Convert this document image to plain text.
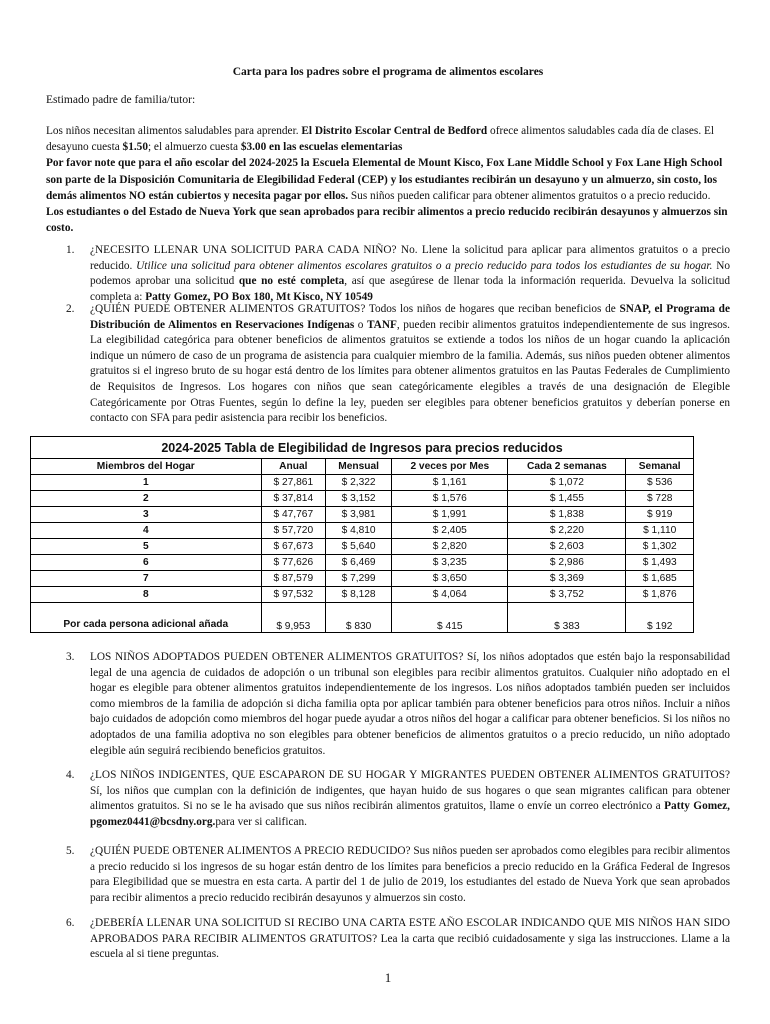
Carta para los padres sobre el programa de alimentos escolares
Estimado padre de familia/tutor:
Los niños necesitan alimentos saludables para aprender. El Distrito Escolar Central de Bedford ofrece alimentos saludables cada día de clases. El desayuno cuesta $1.50; el almuerzo cuesta $3.00 en las escuelas elementarias
Por favor note que para el año escolar del 2024-2025 la Escuela Elemental de Mount Kisco, Fox Lane Middle School y Fox Lane High School son parte de la Disposición Comunitaria de Elegibilidad Federal (CEP) y los estudiantes recibirán un desayuno y un almuerzo, sin costo, los demás alimentos NO están cubiertos y necesita pagar por ellos. Sus niños pueden calificar para obtener alimentos gratuitos o a precio reducido. Los estudiantes o del Estado de Nueva York que sean aprobados para recibir alimentos a precio reducido recibirán desayunos y almuerzos sin costo.
1. ¿NECESITO LLENAR UNA SOLICITUD PARA CADA NIÑO? No. Llene la solicitud para aplicar para alimentos gratuitos o a precio reducido. Utilice una solicitud para obtener alimentos escolares gratuitos o a precio reducido para todos los estudiantes de su hogar. No podemos aprobar una solicitud que no esté completa, así que asegúrese de llenar toda la información requerida. Devuelva la solicitud completa a: Patty Gomez, PO Box 180, Mt Kisco, NY 10549
2. ¿QUIÉN PUEDE OBTENER ALIMENTOS GRATUITOS? Todos los niños de hogares que reciban beneficios de SNAP, el Programa de Distribución de Alimentos en Reservaciones Indígenas o TANF, pueden recibir alimentos gratuitos independientemente de sus ingresos. La elegibilidad categórica para obtener beneficios de alimentos gratuitos se extiende a todos los niños de un hogar cuando la aplicación indique un número de caso de un programa de asistencia para cualquier miembro de la familia. Además, sus niños pueden obtener alimentos gratuitos si el ingreso bruto de su hogar está dentro de los límites para obtener alimentos gratuitos en las Pautas Federales de Cumplimiento de Requisitos de Ingresos. Los hogares con niños que sean categóricamente elegibles a través de una designación de Elegible Categóricamente por Otras Fuentes, según lo define la ley, pueden ser elegibles para obtener beneficios gratuitos y deberían ponerse en contacto con SFA para pedir asistencia para recibir los beneficios.
3. LOS NIÑOS ADOPTADOS PUEDEN OBTENER ALIMENTOS GRATUITOS? Sí, los niños adoptados que estén bajo la responsabilidad legal de una agencia de cuidados de adopción o un tribunal son elegibles para recibir alimentos gratuitos. Cualquier niño adoptado en el hogar es elegible para obtener alimentos gratuitos independientemente de los ingresos. Los niños adoptados también pueden ser incluidos como miembros de la familia de adopción si dicha familia opta por aplicar también para obtener beneficios para otros niños. Incluir a niños bajo cuidados de adopción como miembros del hogar puede ayudar a otros niños del hogar a calificar para obtener beneficios. Si los niños no adoptados de una familia adoptiva no son elegibles para obtener beneficios de alimentos gratuitos o a precio reducido, un niño adoptado elegible aún seguirá recibiendo beneficios gratuitos.
4. ¿LOS NIÑOS INDIGENTES, QUE ESCAPARON DE SU HOGAR Y MIGRANTES PUEDEN OBTENER ALIMENTOS GRATUITOS? Sí, los niños que cumplan con la definición de indigentes, que hayan huido de sus hogares o que sean migrantes califican para obtener alimentos gratuitos. Si no se le ha avisado que sus niños recibirán alimentos gratuitos, llame o envíe un correo electrónico a Patty Gomez, pgomez0441@bcsdny.org.para ver si califican.
5. ¿QUIÉN PUEDE OBTENER ALIMENTOS A PRECIO REDUCIDO? Sus niños pueden ser aprobados como elegibles para recibir alimentos a precio reducido si los ingresos de su hogar están dentro de los límites para beneficios a precio reducido en la Gráfica Federal de Ingresos para Elegibilidad que se muestra en esta carta. A partir del 1 de julio de 2019, los estudiantes del estado de Nueva York que sean aprobados para recibir alimentos a precio reducido recibirán desayunos y almuerzos sin costo.
6. ¿DEBERÍA LLENAR UNA SOLICITUD SI RECIBO UNA CARTA ESTE AÑO ESCOLAR INDICANDO QUE MIS NIÑOS HAN SIDO APROBADOS PARA RECIBIR ALIMENTOS GRATUITOS? Lea la carta que recibió cuidadosamente y siga las instrucciones. Llame a la escuela al si tiene preguntas.
1
2024-2025 Tabla de Elegibilidad de Ingresos para precios reducidos					
Miembros del Hogar	Anual	Mensual	2 veces por Mes	Cada 2 semanas	Semanal
1	$ 27,861	$ 2,322	$ 1,161	$ 1,072	$ 536
2	$ 37,814	$ 3,152	$ 1,576	$ 1,455	$ 728
3	$ 47,767	$ 3,981	$ 1,991	$ 1,838	$ 919
4	$ 57,720	$ 4,810	$ 2,405	$ 2,220	$ 1,110
5	$ 67,673	$ 5,640	$ 2,820	$ 2,603	$ 1,302
6	$ 77,626	$ 6,469	$ 3,235	$ 2,986	$ 1,493
7	$ 87,579	$ 7,299	$ 3,650	$ 3,369	$ 1,685
8	$ 97,532	$ 8,128	$ 4,064	$ 3,752	$ 1,876
Por cada persona adicional añada	$ 9,953	$ 830	$ 415	$ 383	$ 192
